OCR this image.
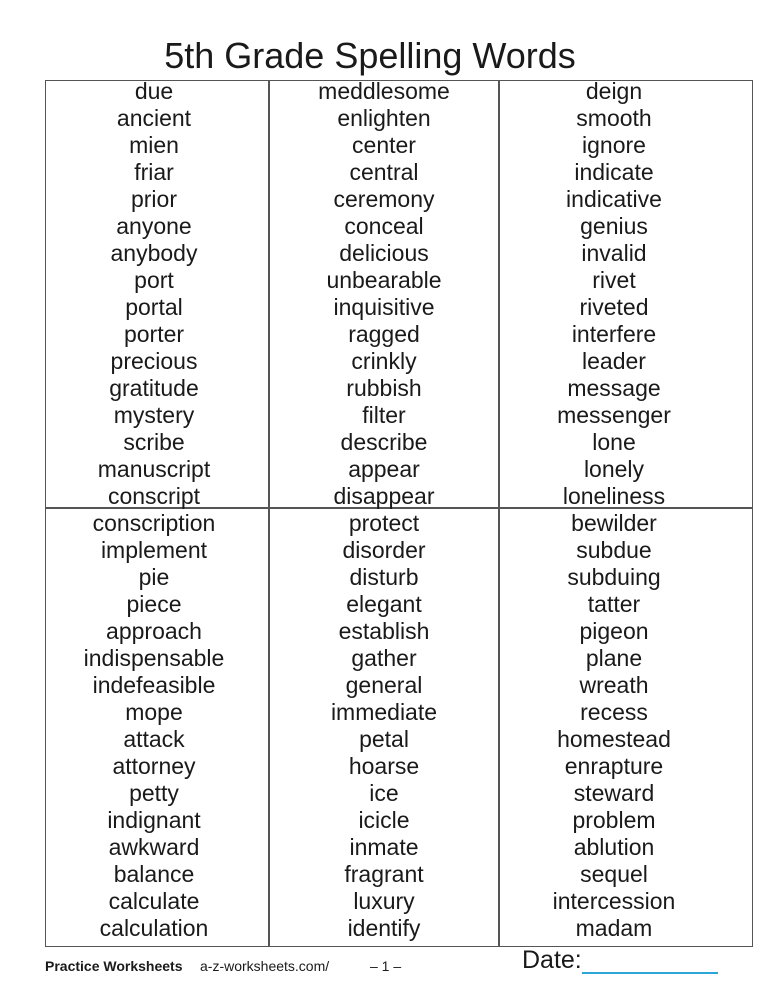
5th Grade Spelling Words
due
ancient
mien
friar
prior
anyone
anybody
port
portal
porter
precious
gratitude
mystery
scribe
manuscript
conscript
conscription
implement
pie
piece
approach
indispensable
indefeasible
mope
attack
attorney
petty
indignant
awkward
balance
calculate
calculation
meddlesome
enlighten
center
central
ceremony
conceal
delicious
unbearable
inquisitive
ragged
crinkly
rubbish
filter
describe
appear
disappear
protect
disorder
disturb
elegant
establish
gather
general
immediate
petal
hoarse
ice
icicle
inmate
fragrant
luxury
identify
deign
smooth
ignore
indicate
indicative
genius
invalid
rivet
riveted
interfere
leader
message
messenger
lone
lonely
loneliness
bewilder
subdue
subduing
tatter
pigeon
plane
wreath
recess
homestead
enrapture
steward
problem
ablution
sequel
intercession
madam
Practice Worksheets a-z-worksheets.com/	– 1 –	Date:
